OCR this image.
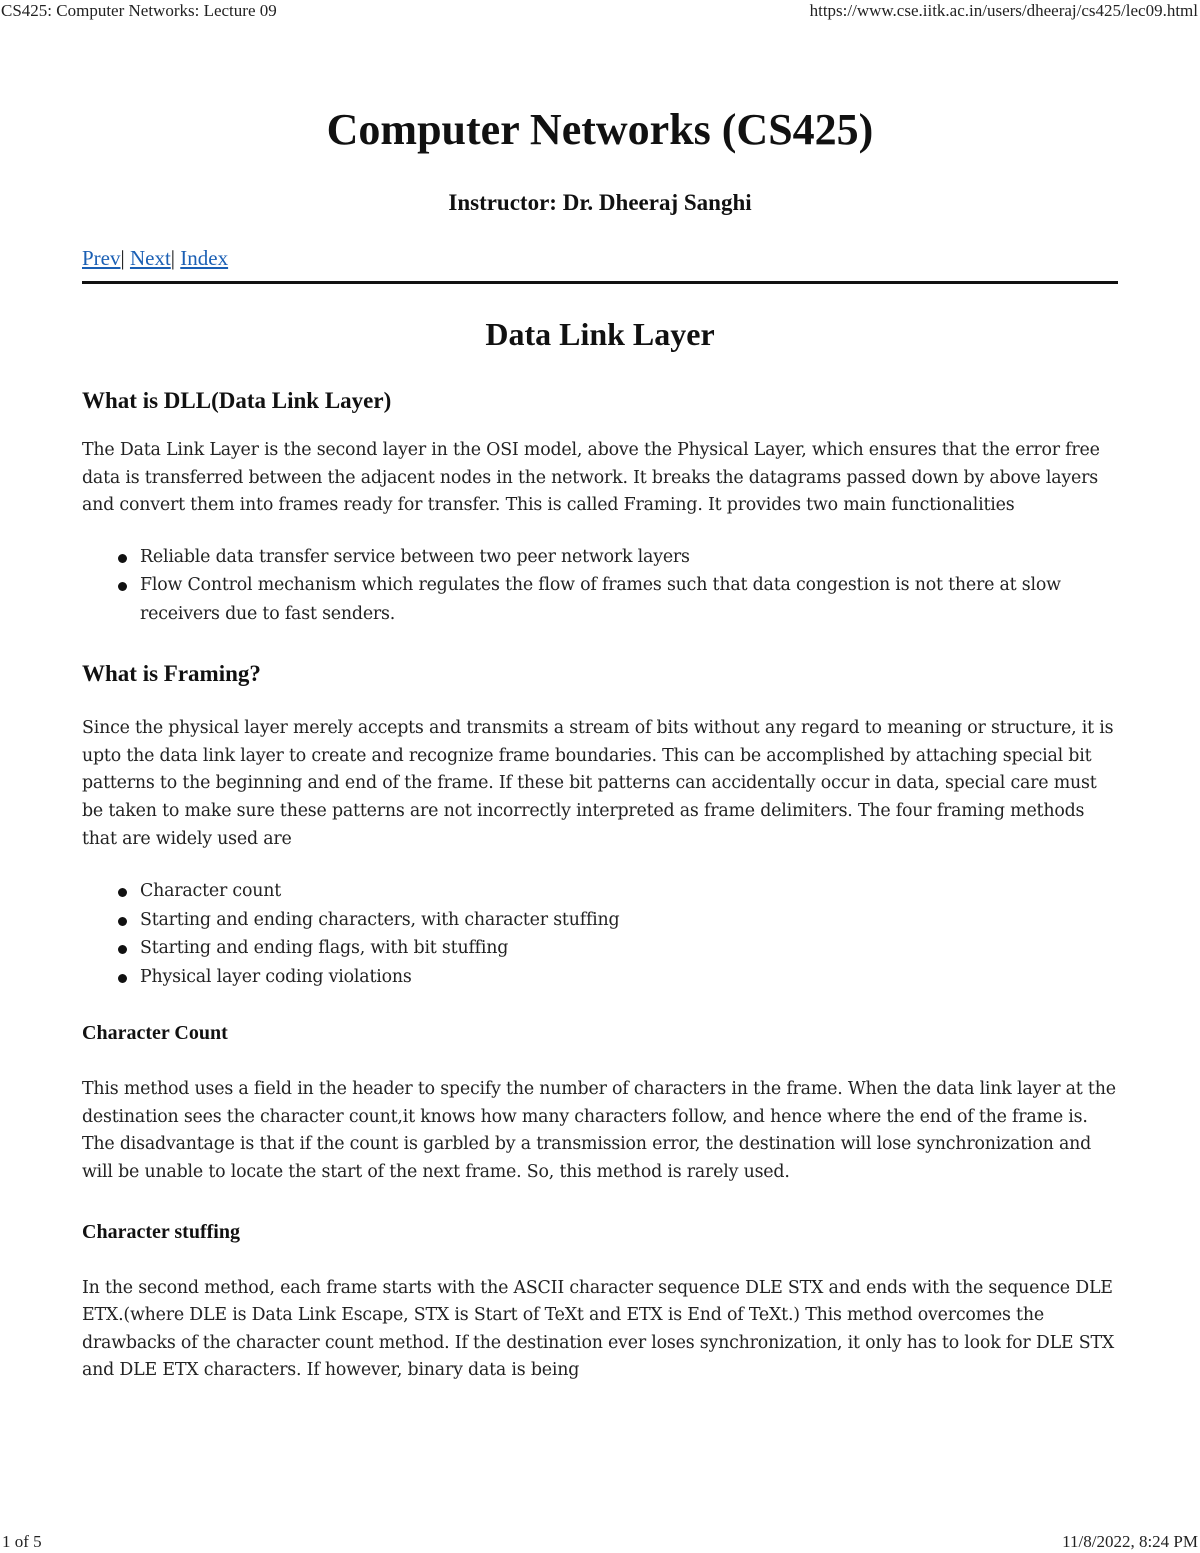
CS425: Computer Networks: Lecture 09	https://www.cse.iitk.ac.in/users/dheeraj/cs425/lec09.html
Computer Networks (CS425)
Instructor: Dr. Dheeraj Sanghi
Prev| Next| Index
Data Link Layer
What is DLL(Data Link Layer)

The Data Link Layer is the second layer in the OSI model, above the Physical Layer, which ensures that the error free data is transferred between the adjacent nodes in the network. It breaks the datagrams passed down by above layers and convert them into frames ready for transfer. This is called Framing. It provides two main functionalities

Reliable data transfer service between two peer network layers
Flow Control mechanism which regulates the flow of frames such that data congestion is not there at slow receivers due to fast senders.
What is Framing?

Since the physical layer merely accepts and transmits a stream of bits without any regard to meaning or structure, it is upto the data link layer to create and recognize frame boundaries. This can be accomplished by attaching special bit patterns to the beginning and end of the frame. If these bit patterns can accidentally occur in data, special care must be taken to make sure these patterns are not incorrectly interpreted as frame delimiters. The four framing methods that are widely used are

Character count
Starting and ending characters, with character stuffing
Starting and ending flags, with bit stuffing
Physical layer coding violations
Character Count

This method uses a field in the header to specify the number of characters in the frame. When the data link layer at the destination sees the character count,it knows how many characters follow, and hence where the end of the frame is. The disadvantage is that if the count is garbled by a transmission error, the destination will lose synchronization and will be unable to locate the start of the next frame. So, this method is rarely used.

Character stuffing

In the second method, each frame starts with the ASCII character sequence DLE STX and ends with the sequence DLE ETX.(where DLE is Data Link Escape, STX is Start of TeXt and ETX is End of TeXt.) This method overcomes the drawbacks of the character count method. If the destination ever loses synchronization, it only has to look for DLE STX and DLE ETX characters. If however, binary data is being

1 of 5	11/8/2022, 8:24 PM
